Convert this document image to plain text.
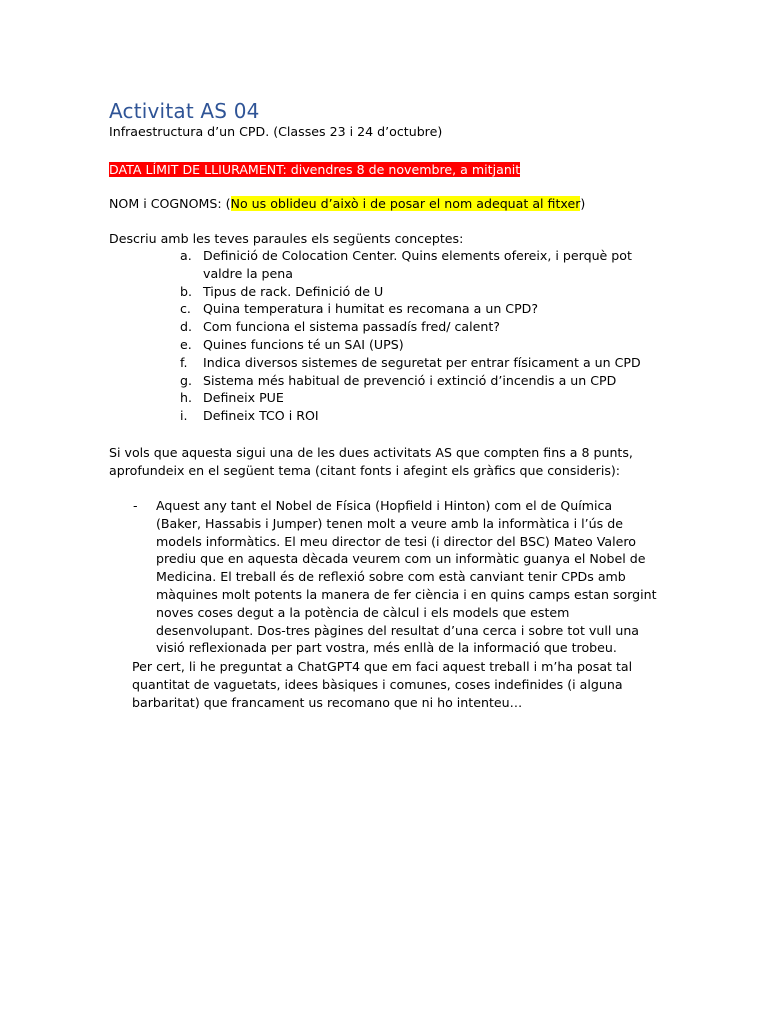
Activitat AS 04
Infraestructura d’un CPD. (Classes 23 i 24 d’octubre)
DATA LÍMIT DE LLIURAMENT: divendres 8 de novembre, a mitjanit
NOM i COGNOMS: (No us oblideu d’això i de posar el nom adequat al fitxer)
Descriu amb les teves paraules els següents conceptes:
a. Definició de Colocation Center. Quins elements ofereix, i perquè pot valdre la pena
b. Tipus de rack. Definició de U
c. Quina temperatura i humitat es recomana a un CPD?
d. Com funciona el sistema passadís fred/ calent?
e. Quines funcions té un SAI (UPS)
f. Indica diversos sistemes de seguretat per entrar físicament a un CPD
g. Sistema més habitual de prevenció i extinció d’incendis a un CPD
h. Defineix PUE
i. Defineix TCO i ROI
Si vols que aquesta sigui una de les dues activitats AS que compten fins a 8 punts, aprofundeix en el següent tema (citant fonts i afegint els gràfics que consideris):
- Aquest any tant el Nobel de Física (Hopfield i Hinton) com el de Química (Baker, Hassabis i Jumper) tenen molt a veure amb la informàtica i l’ús de models informàtics. El meu director de tesi (i director del BSC) Mateo Valero prediu que en aquesta dècada veurem com un informàtic guanya el Nobel de Medicina. El treball és de reflexió sobre com està canviant tenir CPDs amb màquines molt potents la manera de fer ciència i en quins camps estan sorgint noves coses degut a la potència de càlcul i els models que estem desenvolupant. Dos-tres pàgines del resultat d’una cerca i sobre tot vull una visió reflexionada per part vostra, més enllà de la informació que trobeu.
Per cert, li he preguntat a ChatGPT4 que em faci aquest treball i m’ha posat tal quantitat de vaguetats, idees bàsiques i comunes, coses indefinides (i alguna barbaritat) que francament us recomano que ni ho intenteu…
